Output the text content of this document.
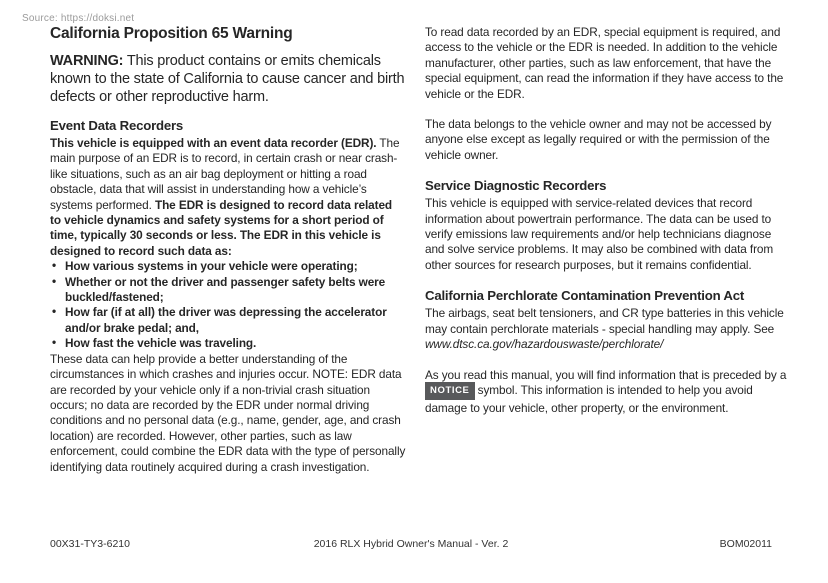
Source: https://doksi.net
California Proposition 65 Warning

WARNING: This product contains or emits chemicals known to the state of California to cause cancer and birth defects or other reproductive harm.

Event Data Recorders

This vehicle is equipped with an event data recorder (EDR). The main purpose of an EDR is to record, in certain crash or near crash-like situations, such as an air bag deployment or hitting a road obstacle, data that will assist in understanding how a vehicle’s systems performed. The EDR is designed to record data related to vehicle dynamics and safety systems for a short period of time, typically 30 seconds or less. The EDR in this vehicle is designed to record such data as:

• How various systems in your vehicle were operating;
• Whether or not the driver and passenger safety belts were buckled/fastened;
• How far (if at all) the driver was depressing the accelerator and/or brake pedal; and,
• How fast the vehicle was traveling.

These data can help provide a better understanding of the circumstances in which crashes and injuries occur. NOTE: EDR data are recorded by your vehicle only if a non-trivial crash situation occurs; no data are recorded by the EDR under normal driving conditions and no personal data (e.g., name, gender, age, and crash location) are recorded. However, other parties, such as law enforcement, could combine the EDR data with the type of personally identifying data routinely acquired during a crash investigation.

To read data recorded by an EDR, special equipment is required, and access to the vehicle or the EDR is needed. In addition to the vehicle manufacturer, other parties, such as law enforcement, that have the special equipment, can read the information if they have access to the vehicle or the EDR.

The data belongs to the vehicle owner and may not be accessed by anyone else except as legally required or with the permission of the vehicle owner.

Service Diagnostic Recorders

This vehicle is equipped with service-related devices that record information about powertrain performance. The data can be used to verify emissions law requirements and/or help technicians diagnose and solve service problems. It may also be combined with data from other sources for research purposes, but it remains confidential.

California Perchlorate Contamination Prevention Act

The airbags, seat belt tensioners, and CR type batteries in this vehicle may contain perchlorate materials - special handling may apply. See www.dtsc.ca.gov/hazardouswaste/perchlorate/

As you read this manual, you will find information that is preceded by a NOTICE symbol. This information is intended to help you avoid damage to your vehicle, other property, or the environment.

2016 RLX Hybrid Owner's Manual - Ver. 2
00X31-TY3-6210	BOM02011
